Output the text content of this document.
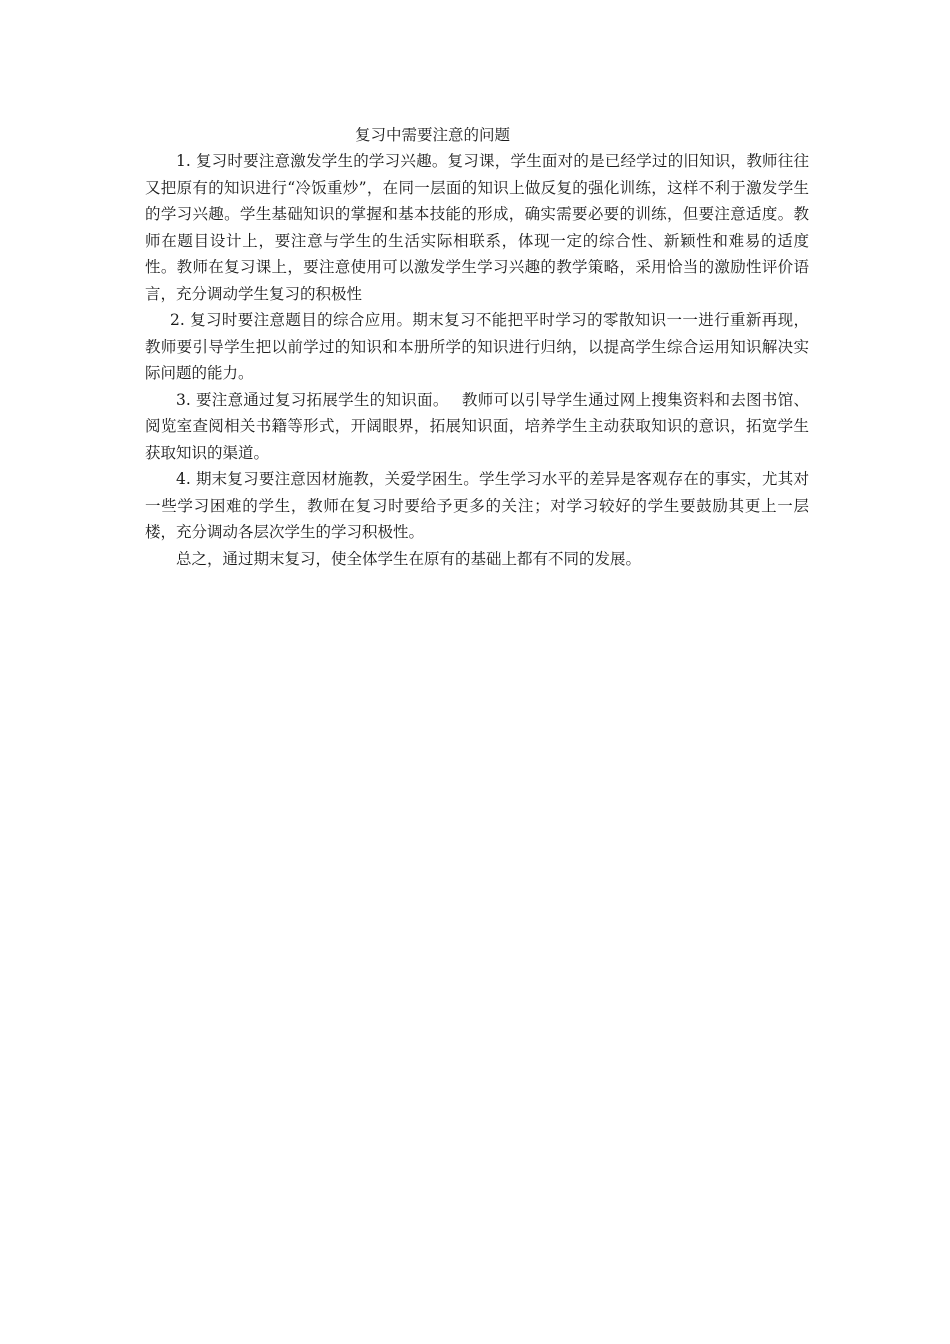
复习中需要注意的问题

1. 复习时要注意激发学生的学习兴趣。复习课，学生面对的是已经学过的旧知识，教师往往又把原有的知识进行“冷饭重炒”，在同一层面的知识上做反复的强化训练，这样不利于激发学生的学习兴趣。学生基础知识的掌握和基本技能的形成，确实需要必要的训练，但要注意适度。教师在题目设计上，要注意与学生的生活实际相联系，体现一定的综合性、新颖性和难易的适度性。教师在复习课上，要注意使用可以激发学生学习兴趣的教学策略，采用恰当的激励性评价语言，充分调动学生复习的积极性

2. 复习时要注意题目的综合应用。期末复习不能把平时学习的零散知识一一进行重新再现，教师要引导学生把以前学过的知识和本册所学的知识进行归纳，以提高学生综合运用知识解决实际问题的能力。

3. 要注意通过复习拓展学生的知识面。　 教师可以引导学生通过网上搜集资料和去图书馆、阅览室查阅相关书籍等形式，开阔眼界，拓展知识面，培养学生主动获取知识的意识，拓宽学生获取知识的渠道。

4. 期末复习要注意因材施教，关爱学困生。学生学习水平的差异是客观存在的事实，尤其对一些学习困难的学生，教师在复习时要给予更多的关注；对学习较好的学生要鼓励其更上一层楼，充分调动各层次学生的学习积极性。

总之，通过期末复习，使全体学生在原有的基础上都有不同的发展。
